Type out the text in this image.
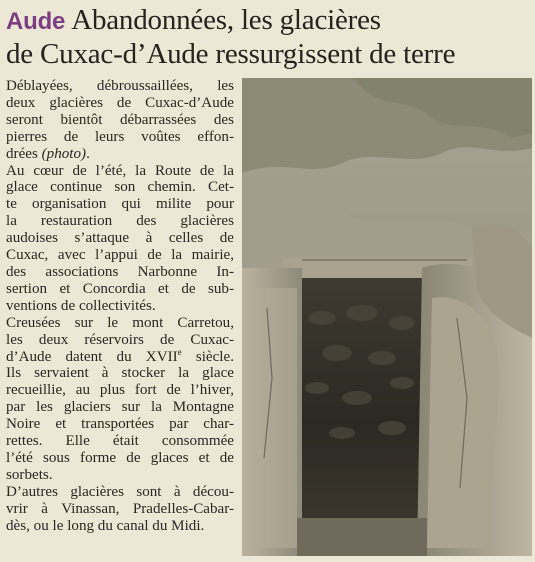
Aude Abandonnées, les glacières
de Cuxac-d’Aude ressurgissent de terre

Déblayées, débroussaillées, les
deux glacières de Cuxac-d’Aude
seront bientôt débarrassées des
pierres de leurs voûtes effon-
drées (photo).

Au cœur de l’été, la Route de la
glace continue son chemin. Cet-
te organisation qui milite pour
la restauration des glacières
audoises s’attaque à celles de
Cuxac, avec l’appui de la mairie,
des associations Narbonne In-
sertion et Concordia et de sub-
ventions de collectivités.

Creusées sur le mont Carretou,
les deux réservoirs de Cuxac-
d’Aude datent du XVIIe siècle.
Ils servaient à stocker la glace
recueillie, au plus fort de l’hiver,
par les glaciers sur la Montagne
Noire et transportées par char-
rettes. Elle était consommée
l’été sous forme de glaces et de
sorbets.

D’autres glacières sont à décou-
vrir à Vinassan, Pradelles-Cabar-
dès, ou le long du canal du Midi.
